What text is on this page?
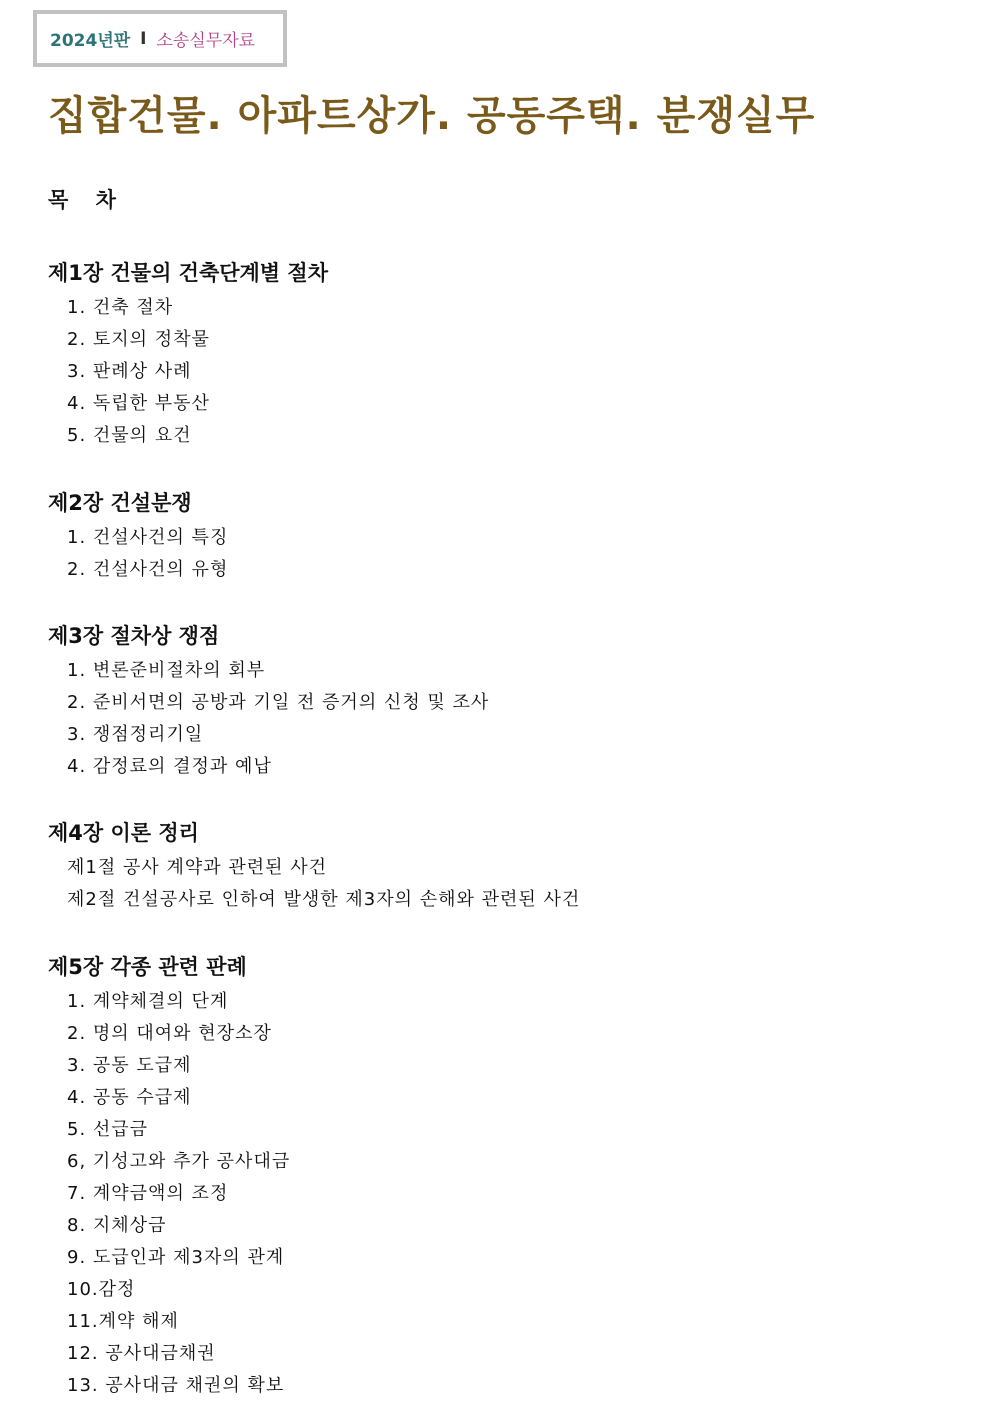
2024년판 I 소송실무자료
집합건물. 아파트상가. 공동주택. 분쟁실무
목 차
제1장 건물의 건축단계별 절차
1. 건축 절차
2. 토지의 정착물
3. 판례상 사례
4. 독립한 부동산
5. 건물의 요건
제2장 건설분쟁
1. 건설사건의 특징
2. 건설사건의 유형
제3장 절차상 쟁점
1. 변론준비절차의 회부
2. 준비서면의 공방과 기일 전 증거의 신청 및 조사
3. 쟁점정리기일
4. 감정료의 결정과 예납
제4장 이론 정리
제1절 공사 계약과 관련된 사건
제2절 건설공사로 인하여 발생한 제3자의 손해와 관련된 사건
제5장 각종 관련 판례
1. 계약체결의 단계
2. 명의 대여와 현장소장
3. 공동 도급제
4. 공동 수급제
5. 선급금
6, 기성고와 추가 공사대금
7. 계약금액의 조정
8. 지체상금
9. 도급인과 제3자의 관계
10.감정
11.계약 해제
12. 공사대금채권
13. 공사대금 채권의 확보
